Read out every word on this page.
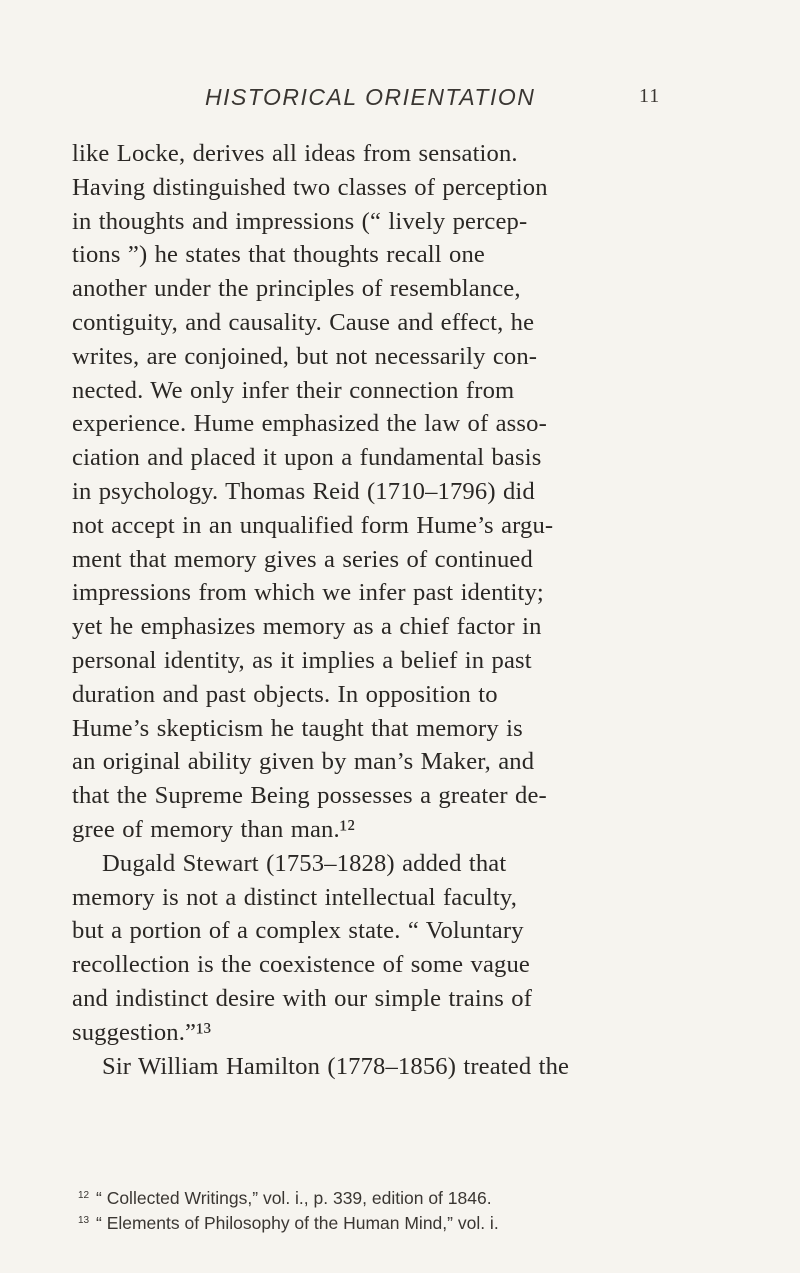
HISTORICAL ORIENTATION	11
like Locke, derives all ideas from sensation.
Having distinguished two classes of perception
in thoughts and impressions (“ lively percep-
tions ”) he states that thoughts recall one
another under the principles of resemblance,
contiguity, and causality. Cause and effect, he
writes, are conjoined, but not necessarily con-
nected. We only infer their connection from
experience. Hume emphasized the law of asso-
ciation and placed it upon a fundamental basis
in psychology. Thomas Reid (1710–1796) did
not accept in an unqualified form Hume’s argu-
ment that memory gives a series of continued
impressions from which we infer past identity;
yet he emphasizes memory as a chief factor in
personal identity, as it implies a belief in past
duration and past objects. In opposition to
Hume’s skepticism he taught that memory is
an original ability given by man’s Maker, and
that the Supreme Being possesses a greater de-
gree of memory than man.¹²
Dugald Stewart (1753–1828) added that
memory is not a distinct intellectual faculty,
but a portion of a complex state. “ Voluntary
recollection is the coexistence of some vague
and indistinct desire with our simple trains of
suggestion.”¹³
Sir William Hamilton (1778–1856) treated the
$^{12}$ “ Collected Writings,” vol. i., p. 339, edition of 1846.
$^{13}$ “ Elements of Philosophy of the Human Mind,” vol. i.
